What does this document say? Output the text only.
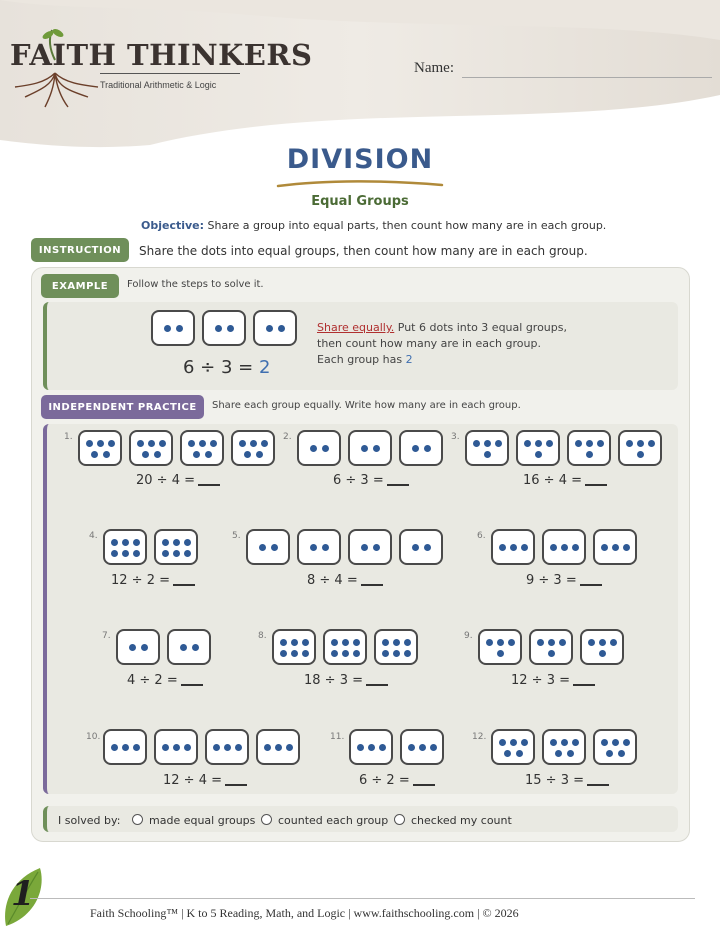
FAITH THINKERS
Traditional Arithmetic & Logic
Name:
DIVISION
Equal Groups
Objective: Share a group into equal parts, then count how many are in each group.
INSTRUCTION	Share the dots into equal groups, then count how many are in each group.
EXAMPLE	Follow the steps to solve it.
6 ÷ 3 = 2
Share equally. Put 6 dots into 3 equal groups, then count how many are in each group. Each group has 2
INDEPENDENT PRACTICE	Share each group equally. Write how many are in each group.
1.
20 ÷ 4 =
2.
6 ÷ 3 =
3.
16 ÷ 4 =
4.
12 ÷ 2 =
5.
8 ÷ 4 =
6.
9 ÷ 3 =
7.
4 ÷ 2 =
8.
18 ÷ 3 =
9.
12 ÷ 3 =
10.
12 ÷ 4 =
11.
6 ÷ 2 =
12.
15 ÷ 3 =
I solved by:	made equal groups counted each group checked my count
1	Faith Schooling™ | K to 5 Reading, Math, and Logic | www.faithschooling.com | © 2026
